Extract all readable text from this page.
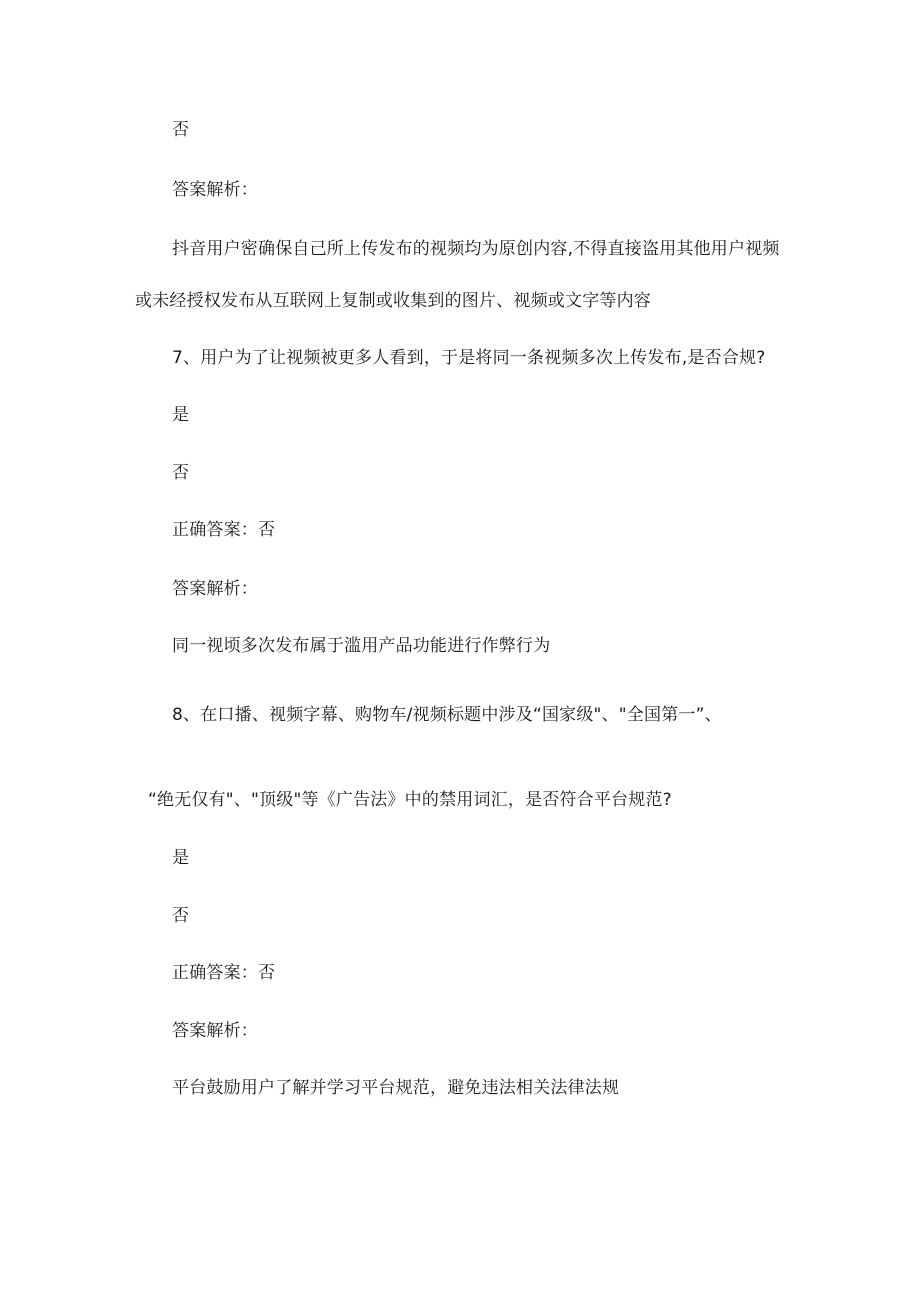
否
答案解析：
抖音用户密确保自己所上传发布的视频均为原创内容,不得直接盗用其他用户视频
或未经授权发布从互联网上复制或收集到的图片、视频或文字等内容
7、用户为了让视频被更多人看到，于是将同一条视频多次上传发布,是否合规?
是
否
正确答案：否
答案解析：
同一视顷多次发布属于滥用产品功能进行作弊行为
8、在口播、视频字幕、购物车/视频标题中涉及“国家级"、"全国第一”、
“绝无仅有"、"顶级"等《广告法》中的禁用词汇，是否符合平台规范?
是
否
正确答案：否
答案解析：
平台鼓励用户了解并学习平台规范，避免违法相关法律法规
